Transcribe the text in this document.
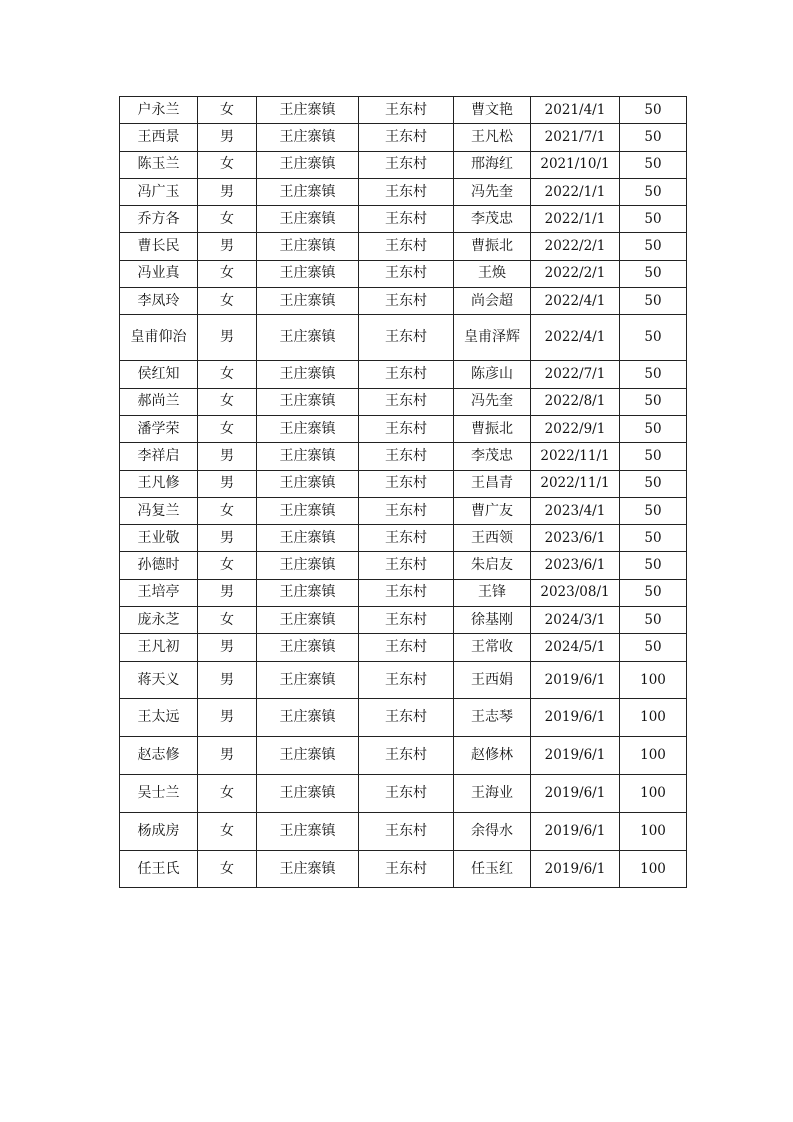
户永兰	女	王庄寨镇	王东村	曹文艳	2021/4/1	50
王西景	男	王庄寨镇	王东村	王凡松	2021/7/1	50
陈玉兰	女	王庄寨镇	王东村	邢海红	2021/10/1	50
冯广玉	男	王庄寨镇	王东村	冯先奎	2022/1/1	50
乔方各	女	王庄寨镇	王东村	李茂忠	2022/1/1	50
曹长民	男	王庄寨镇	王东村	曹振北	2022/2/1	50
冯业真	女	王庄寨镇	王东村	王焕	2022/2/1	50
李凤玲	女	王庄寨镇	王东村	尚会超	2022/4/1	50
皇甫仰治	男	王庄寨镇	王东村	皇甫泽辉	2022/4/1	50
侯红知	女	王庄寨镇	王东村	陈彦山	2022/7/1	50
郝尚兰	女	王庄寨镇	王东村	冯先奎	2022/8/1	50
潘学荣	女	王庄寨镇	王东村	曹振北	2022/9/1	50
李祥启	男	王庄寨镇	王东村	李茂忠	2022/11/1	50
王凡修	男	王庄寨镇	王东村	王昌青	2022/11/1	50
冯复兰	女	王庄寨镇	王东村	曹广友	2023/4/1	50
王业敬	男	王庄寨镇	王东村	王西领	2023/6/1	50
孙德时	女	王庄寨镇	王东村	朱启友	2023/6/1	50
王培亭	男	王庄寨镇	王东村	王锋	2023/08/1	50
庞永芝	女	王庄寨镇	王东村	徐基刚	2024/3/1	50
王凡初	男	王庄寨镇	王东村	王常收	2024/5/1	50
蒋天义	男	王庄寨镇	王东村	王西娟	2019/6/1	100
王太远	男	王庄寨镇	王东村	王志琴	2019/6/1	100
赵志修	男	王庄寨镇	王东村	赵修林	2019/6/1	100
吴士兰	女	王庄寨镇	王东村	王海业	2019/6/1	100
杨成房	女	王庄寨镇	王东村	余得水	2019/6/1	100
任王氏	女	王庄寨镇	王东村	任玉红	2019/6/1	100
